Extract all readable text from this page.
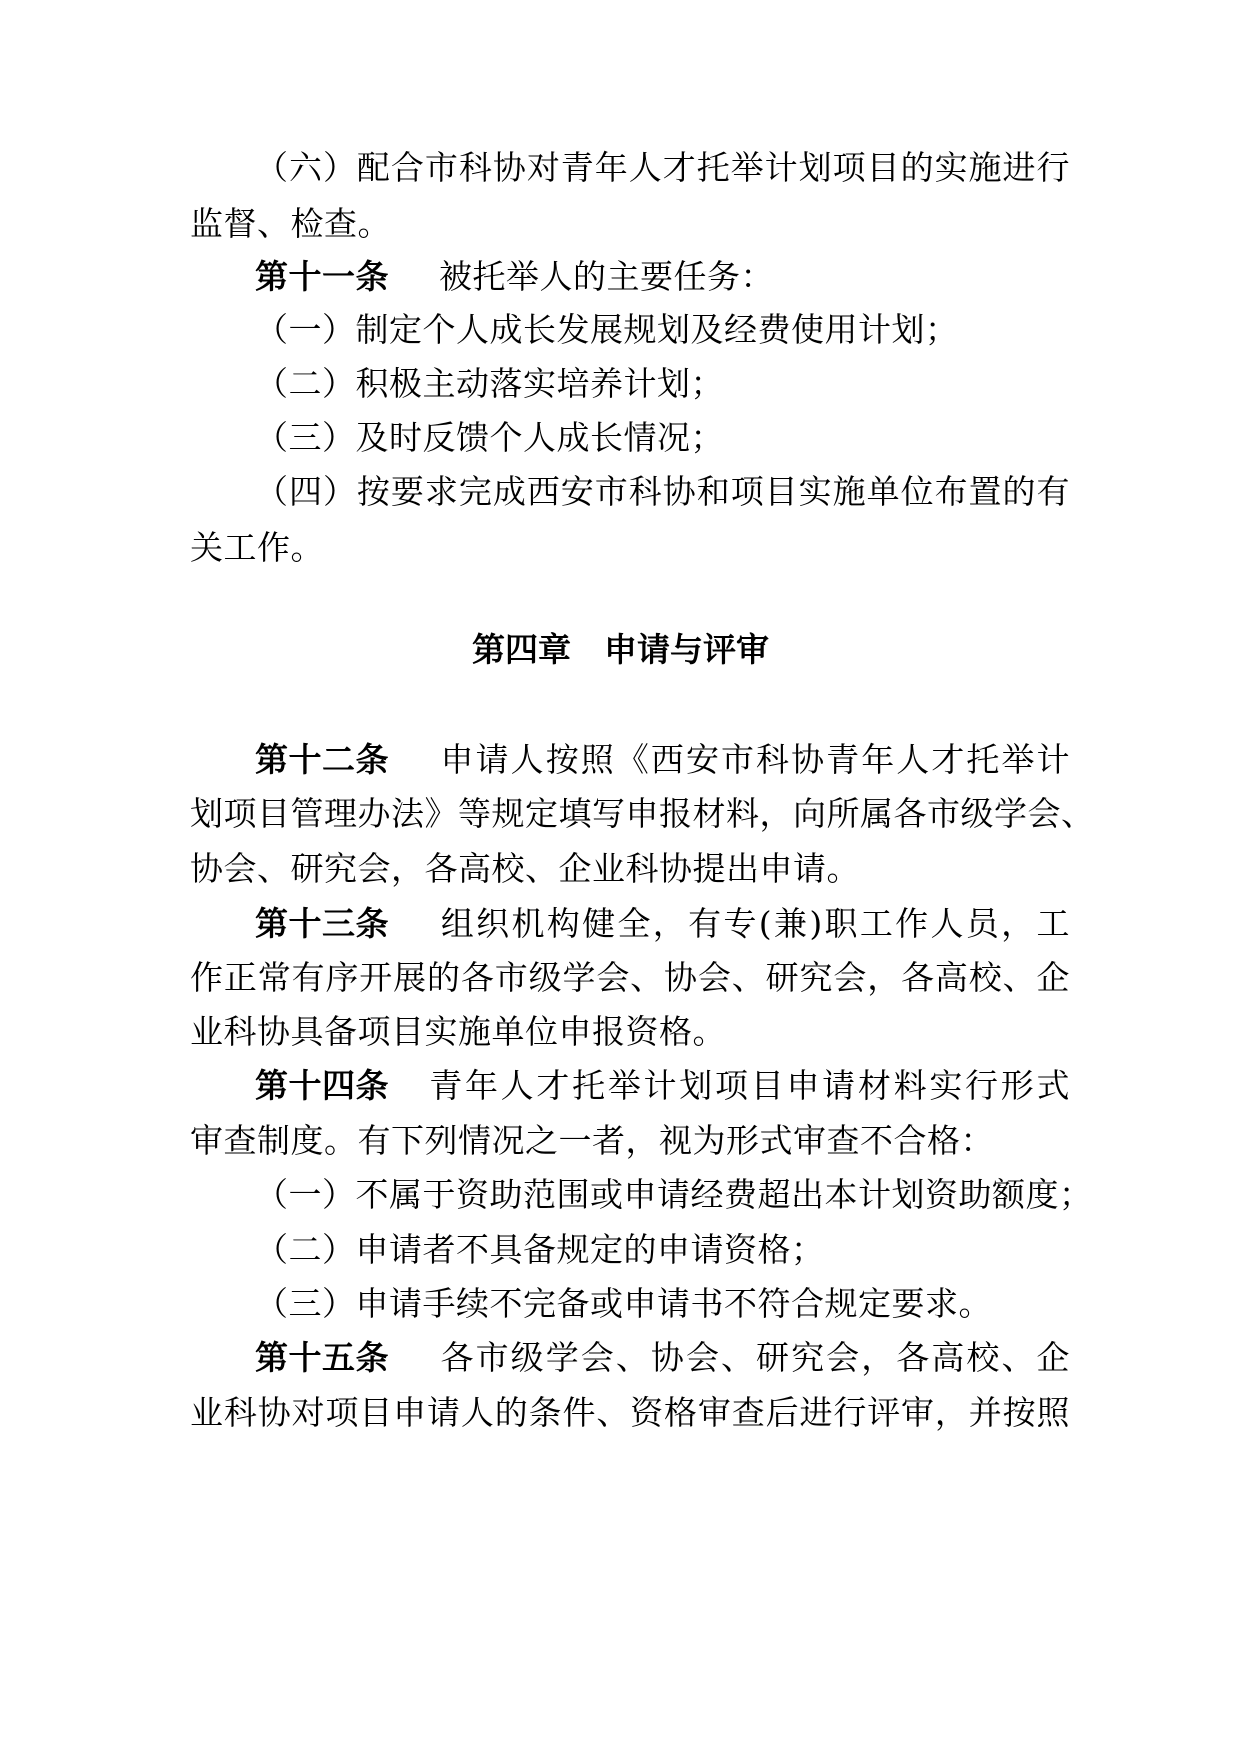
（六）配合市科协对青年人才托举计划项目的实施进行
监督、检查。
第十一条 被托举人的主要任务：
（一）制定个人成长发展规划及经费使用计划；
（二）积极主动落实培养计划；
（三）及时反馈个人成长情况；
（四）按要求完成西安市科协和项目实施单位布置的有
关工作。
第四章　申请与评审
第十二条 申请人按照《西安市科协青年人才托举计
划项目管理办法》等规定填写申报材料，向所属各市级学会、
协会、研究会，各高校、企业科协提出申请。
第十三条 组织机构健全，有专(兼)职工作人员，工
作正常有序开展的各市级学会、协会、研究会，各高校、企
业科协具备项目实施单位申报资格。
第十四条 青年人才托举计划项目申请材料实行形式
审查制度。有下列情况之一者，视为形式审查不合格：
（一）不属于资助范围或申请经费超出本计划资助额度；
（二）申请者不具备规定的申请资格；
（三）申请手续不完备或申请书不符合规定要求。
第十五条 各市级学会、协会、研究会，各高校、企
业科协对项目申请人的条件、资格审查后进行评审，并按照
